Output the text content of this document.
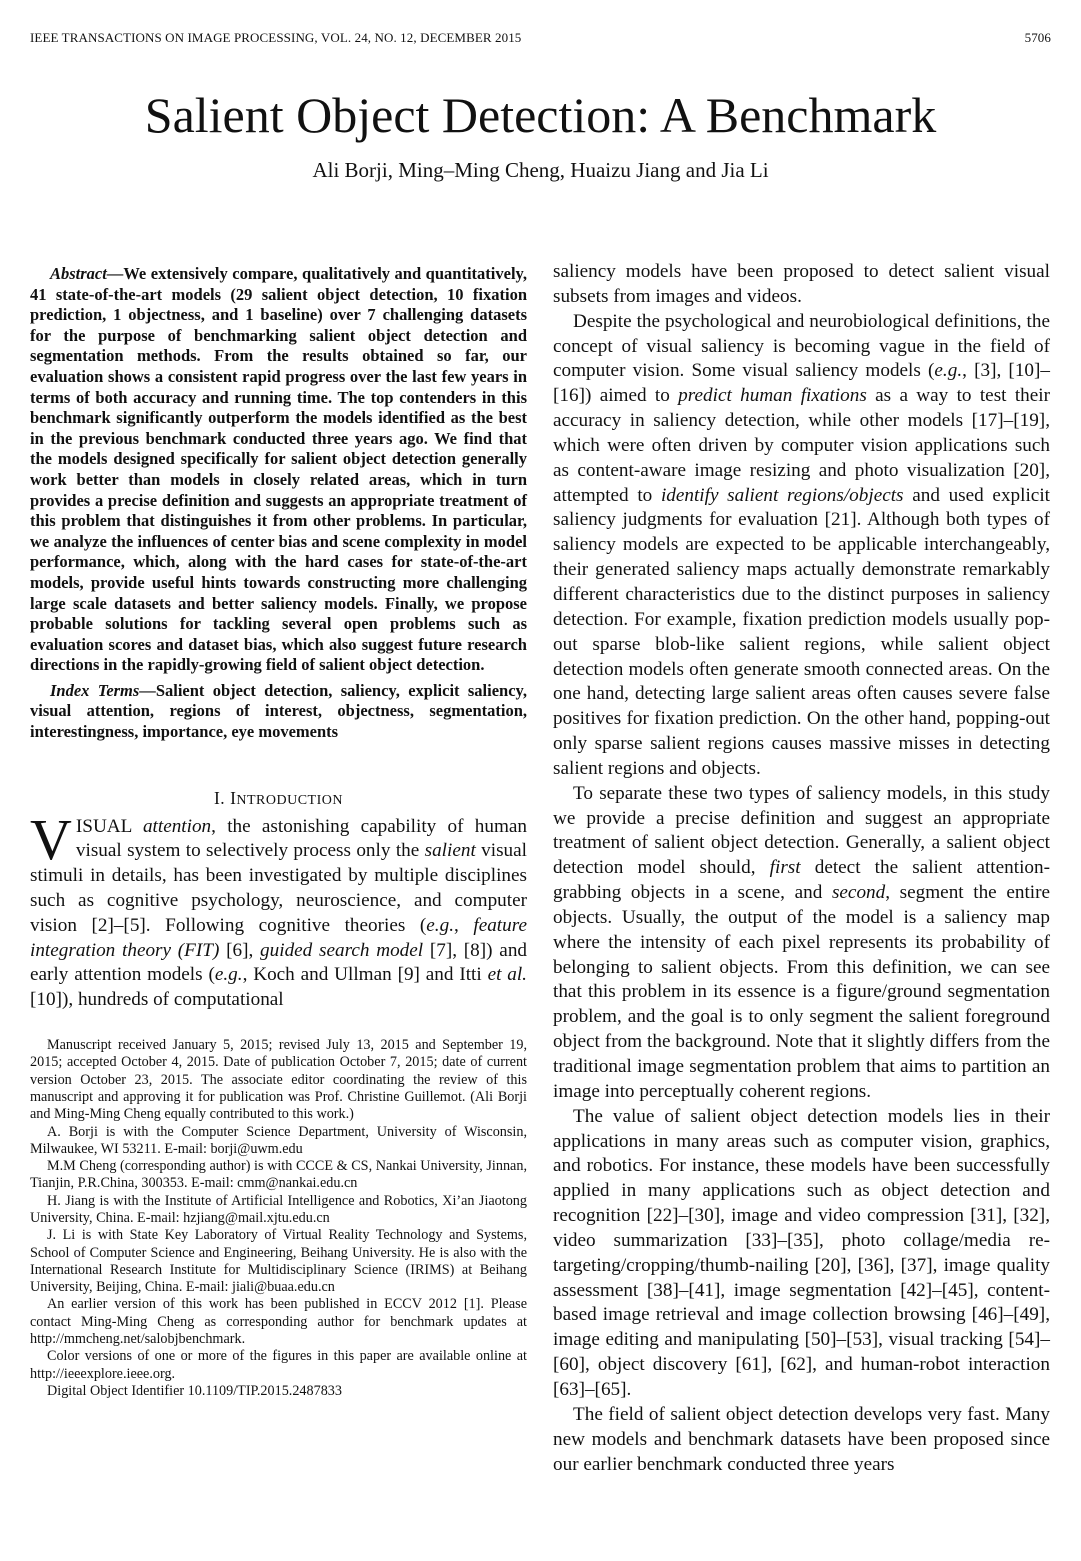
IEEE TRANSACTIONS ON IMAGE PROCESSING, VOL. 24, NO. 12, DECEMBER 2015	5706
Salient Object Detection: A Benchmark
Ali Borji, Ming–Ming Cheng, Huaizu Jiang and Jia Li

Abstract—We extensively compare, qualitatively and quantitatively, 41 state-of-the-art models (29 salient object detection, 10 fixation prediction, 1 objectness, and 1 baseline) over 7 challenging datasets for the purpose of benchmarking salient object detection and segmentation methods. From the results obtained so far, our evaluation shows a consistent rapid progress over the last few years in terms of both accuracy and running time. The top contenders in this benchmark significantly outperform the models identified as the best in the previous benchmark conducted three years ago. We find that the models designed specifically for salient object detection generally work better than models in closely related areas, which in turn provides a precise definition and suggests an appropriate treatment of this problem that distinguishes it from other problems. In particular, we analyze the influences of center bias and scene complexity in model performance, which, along with the hard cases for state-of-the-art models, provide useful hints towards constructing more challenging large scale datasets and better saliency models. Finally, we propose probable solutions for tackling several open problems such as evaluation scores and dataset bias, which also suggest future research directions in the rapidly-growing field of salient object detection.

Index Terms—Salient object detection, saliency, explicit saliency, visual attention, regions of interest, objectness, segmentation, interestingness, importance, eye movements

I. INTRODUCTION

VISUAL attention, the astonishing capability of human visual system to selectively process only the salient visual stimuli in details, has been investigated by multiple disciplines such as cognitive psychology, neuroscience, and computer vision [2]–[5]. Following cognitive theories (e.g., feature integration theory (FIT) [6], guided search model [7], [8]) and early attention models (e.g., Koch and Ullman [9] and Itti et al. [10]), hundreds of computational

Manuscript received January 5, 2015; revised July 13, 2015 and September 19, 2015; accepted October 4, 2015. Date of publication October 7, 2015; date of current version October 23, 2015. The associate editor coordinating the review of this manuscript and approving it for publication was Prof. Christine Guillemot. (Ali Borji and Ming-Ming Cheng equally contributed to this work.)

A. Borji is with the Computer Science Department, University of Wisconsin, Milwaukee, WI 53211. E-mail: borji@uwm.edu

M.M Cheng (corresponding author) is with CCCE & CS, Nankai University, Jinnan, Tianjin, P.R.China, 300353. E-mail: cmm@nankai.edu.cn

H. Jiang is with the Institute of Artificial Intelligence and Robotics, Xi’an Jiaotong University, China. E-mail: hzjiang@mail.xjtu.edu.cn

J. Li is with State Key Laboratory of Virtual Reality Technology and Systems, School of Computer Science and Engineering, Beihang University. He is also with the International Research Institute for Multidisciplinary Science (IRIMS) at Beihang University, Beijing, China. E-mail: jiali@buaa.edu.cn

An earlier version of this work has been published in ECCV 2012 [1]. Please contact Ming-Ming Cheng as corresponding author for benchmark updates at http://mmcheng.net/salobjbenchmark.

Color versions of one or more of the figures in this paper are available online at http://ieeexplore.ieee.org.

Digital Object Identifier 10.1109/TIP.2015.2487833

saliency models have been proposed to detect salient visual subsets from images and videos.

Despite the psychological and neurobiological definitions, the concept of visual saliency is becoming vague in the field of computer vision. Some visual saliency models (e.g., [3], [10]–[16]) aimed to predict human fixations as a way to test their accuracy in saliency detection, while other models [17]–[19], which were often driven by computer vision applications such as content-aware image resizing and photo visualization [20], attempted to identify salient regions/objects and used explicit saliency judgments for evaluation [21]. Although both types of saliency models are expected to be applicable interchangeably, their generated saliency maps actually demonstrate remarkably different characteristics due to the distinct purposes in saliency detection. For example, fixation prediction models usually pop-out sparse blob-like salient regions, while salient object detection models often generate smooth connected areas. On the one hand, detecting large salient areas often causes severe false positives for fixation prediction. On the other hand, popping-out only sparse salient regions causes massive misses in detecting salient regions and objects.

To separate these two types of saliency models, in this study we provide a precise definition and suggest an appropriate treatment of salient object detection. Generally, a salient object detection model should, first detect the salient attention-grabbing objects in a scene, and second, segment the entire objects. Usually, the output of the model is a saliency map where the intensity of each pixel represents its probability of belonging to salient objects. From this definition, we can see that this problem in its essence is a figure/ground segmentation problem, and the goal is to only segment the salient foreground object from the background. Note that it slightly differs from the traditional image segmentation problem that aims to partition an image into perceptually coherent regions.

The value of salient object detection models lies in their applications in many areas such as computer vision, graphics, and robotics. For instance, these models have been successfully applied in many applications such as object detection and recognition [22]–[30], image and video compression [31], [32], video summarization [33]–[35], photo collage/media re-targeting/cropping/thumb-nailing [20], [36], [37], image quality assessment [38]–[41], image segmentation [42]–[45], content-based image retrieval and image collection browsing [46]–[49], image editing and manipulating [50]–[53], visual tracking [54]–[60], object discovery [61], [62], and human-robot interaction [63]–[65].

The field of salient object detection develops very fast. Many new models and benchmark datasets have been proposed since our earlier benchmark conducted three years
